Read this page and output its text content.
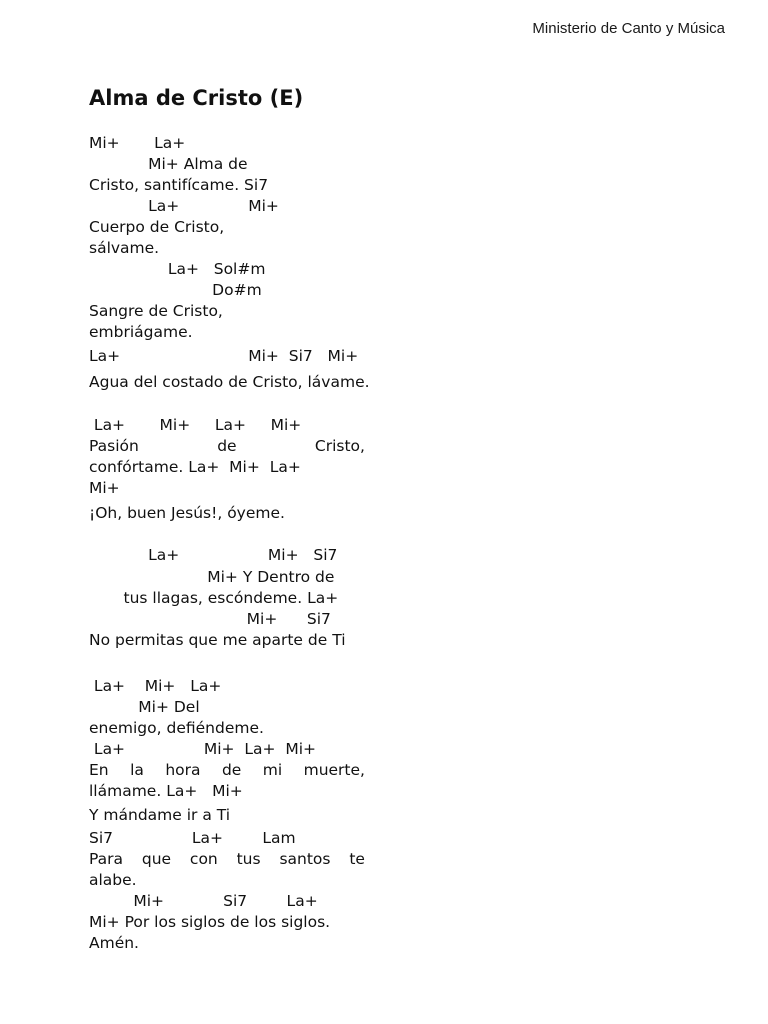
Ministerio de Canto y Música
Alma de Cristo (E)
Mi+       La+
Mi+ Alma de
Cristo, santifícame. Si7
La+              Mi+
Cuerpo de Cristo,
sálvame.
La+   Sol#m
Do#m
Sangre de Cristo,
embriágame.
La+                          Mi+  Si7   Mi+
Agua del costado de Cristo, lávame.
La+       Mi+     La+     Mi+
Pasión	de	Cristo,
confórtame. La+  Mi+  La+
Mi+
¡Oh, buen Jesús!, óyeme.
La+                  Mi+   Si7
Mi+ Y Dentro de
tus llagas, escóndeme. La+
Mi+      Si7
No permitas que me aparte de Ti
La+    Mi+   La+
Mi+ Del
enemigo, defiéndeme.
La+                Mi+  La+  Mi+
En la hora de mi muerte,
llámame. La+   Mi+
Y mándame ir a Ti
Si7                La+        Lam
Para que con tus santos te
alabe.
Mi+            Si7        La+
Mi+ Por los siglos de los siglos.
Amén.
